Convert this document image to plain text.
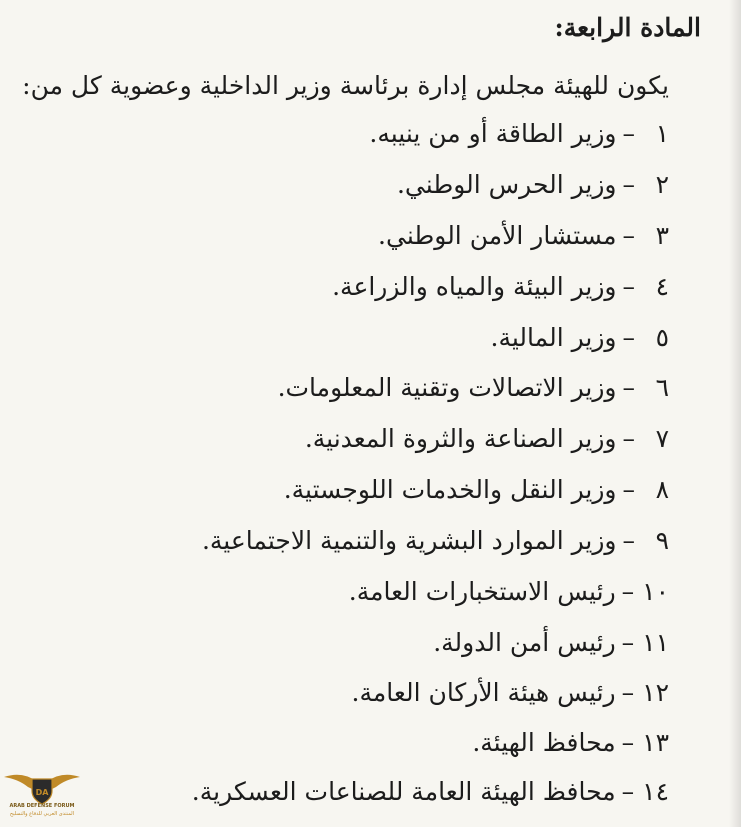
المادة الرابعة:
يكون للهيئة مجلس إدارة برئاسة وزير الداخلية وعضوية كل من:
١–وزير الطاقة أو من ينيبه.
٢–وزير الحرس الوطني.
٣–مستشار الأمن الوطني.
٤–وزير البيئة والمياه والزراعة.
٥–وزير المالية.
٦–وزير الاتصالات وتقنية المعلومات.
٧–وزير الصناعة والثروة المعدنية.
٨–وزير النقل والخدمات اللوجستية.
٩–وزير الموارد البشرية والتنمية الاجتماعية.
١٠–رئيس الاستخبارات العامة.
١١–رئيس أمن الدولة.
١٢–رئيس هيئة الأركان العامة.
١٣–محافظ الهيئة.
١٤–محافظ الهيئة العامة للصناعات العسكرية.
DA
ARAB DEFENSE FORUM
المنتدى العربي للدفاع والتسليح
